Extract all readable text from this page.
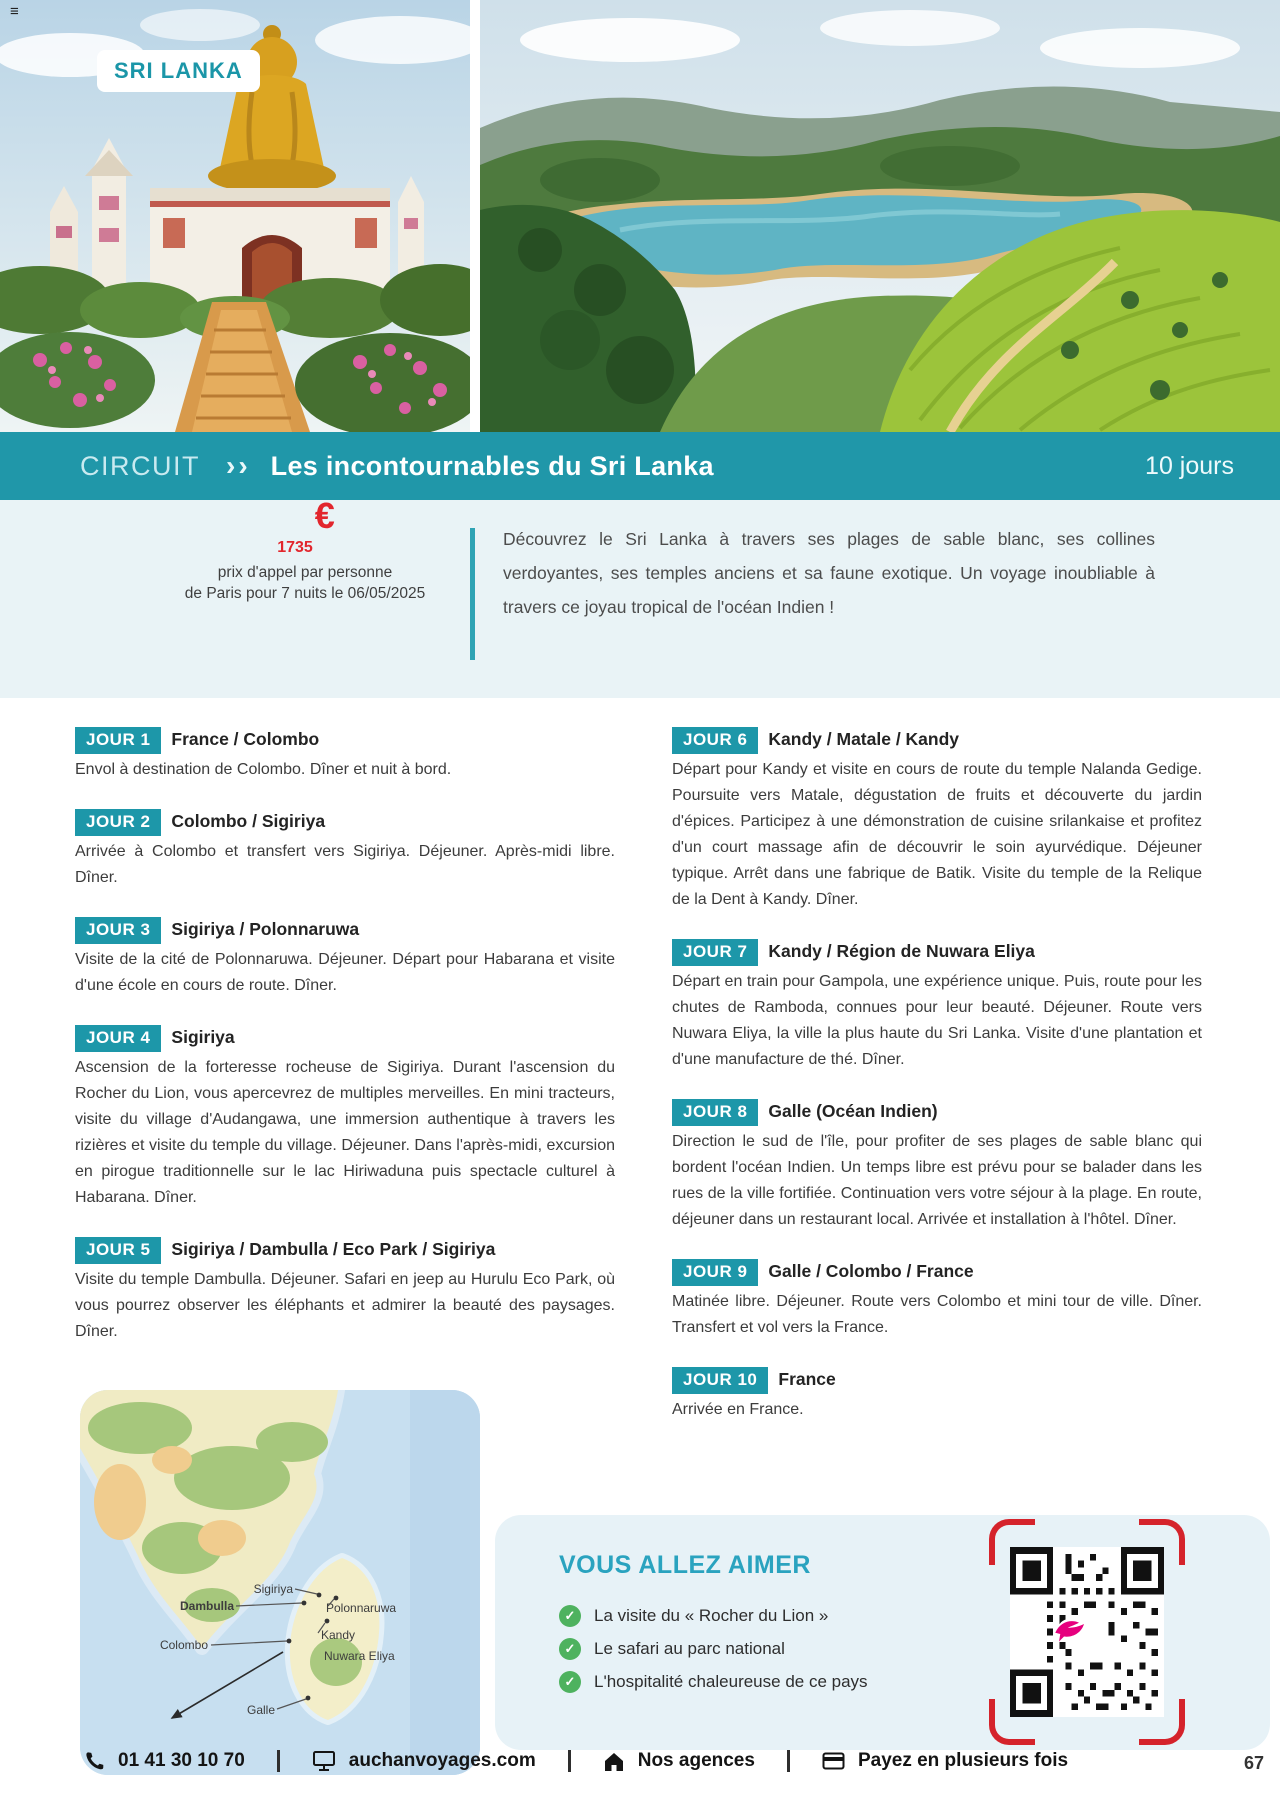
≡
SRI LANKA
CIRCUIT ›› Les incontournables du Sri Lanka	10 jours
1735€
prix d'appel par personne
de Paris pour 7 nuits le 06/05/2025
Découvrez le Sri Lanka à travers ses plages de sable blanc, ses collines verdoyantes, ses temples anciens et sa faune exotique. Un voyage inoubliable à travers ce joyau tropical de l'océan Indien !
JOUR 1 France / Colombo
Envol à destination de Colombo. Dîner et nuit à bord.
JOUR 2 Colombo / Sigiriya
Arrivée à Colombo et transfert vers Sigiriya. Déjeuner. Après-midi libre. Dîner.
JOUR 3 Sigiriya / Polonnaruwa
Visite de la cité de Polonnaruwa. Déjeuner. Départ pour Habarana et visite d'une école en cours de route. Dîner.
JOUR 4 Sigiriya
Ascension de la forteresse rocheuse de Sigiriya. Durant l'ascension du Rocher du Lion, vous apercevrez de multiples merveilles. En mini tracteurs, visite du village d'Audangawa, une immersion authentique à travers les rizières et visite du temple du village. Déjeuner. Dans l'après-midi, excursion en pirogue traditionnelle sur le lac Hiriwaduna puis spectacle culturel à Habarana. Dîner.
JOUR 5 Sigiriya / Dambulla / Eco Park / Sigiriya
Visite du temple Dambulla. Déjeuner. Safari en jeep au Hurulu Eco Park, où vous pourrez observer les éléphants et admirer la beauté des paysages. Dîner.
JOUR 6 Kandy / Matale / Kandy
Départ pour Kandy et visite en cours de route du temple Nalanda Gedige. Poursuite vers Matale, dégustation de fruits et découverte du jardin d'épices. Participez à une démonstration de cuisine srilankaise et profitez d'un court massage afin de découvrir le soin ayurvédique. Déjeuner typique. Arrêt dans une fabrique de Batik. Visite du temple de la Relique de la Dent à Kandy. Dîner.
JOUR 7 Kandy / Région de Nuwara Eliya
Départ en train pour Gampola, une expérience unique. Puis, route pour les chutes de Ramboda, connues pour leur beauté. Déjeuner. Route vers Nuwara Eliya, la ville la plus haute du Sri Lanka. Visite d'une plantation et d'une manufacture de thé. Dîner.
JOUR 8 Galle (Océan Indien)
Direction le sud de l'île, pour profiter de ses plages de sable blanc qui bordent l'océan Indien. Un temps libre est prévu pour se balader dans les rues de la ville fortifiée. Continuation vers votre séjour à la plage. En route, déjeuner dans un restaurant local. Arrivée et installation à l'hôtel. Dîner.
JOUR 9 Galle / Colombo / France
Matinée libre. Déjeuner. Route vers Colombo et mini tour de ville. Dîner. Transfert et vol vers la France.
JOUR 10 France
Arrivée en France.
Sigiriya
Dambulla	Polonnaruwa
Kandy
Nuwara Eliya
Colombo
Galle
VOUS ALLEZ AIMER
✓	La visite du « Rocher du Lion »
✓	Le safari au parc national
✓	L'hospitalité chaleureuse de ce pays
01 41 30 10 70	auchanvoyages.com	Nos agences	Payez en plusieurs fois	67
